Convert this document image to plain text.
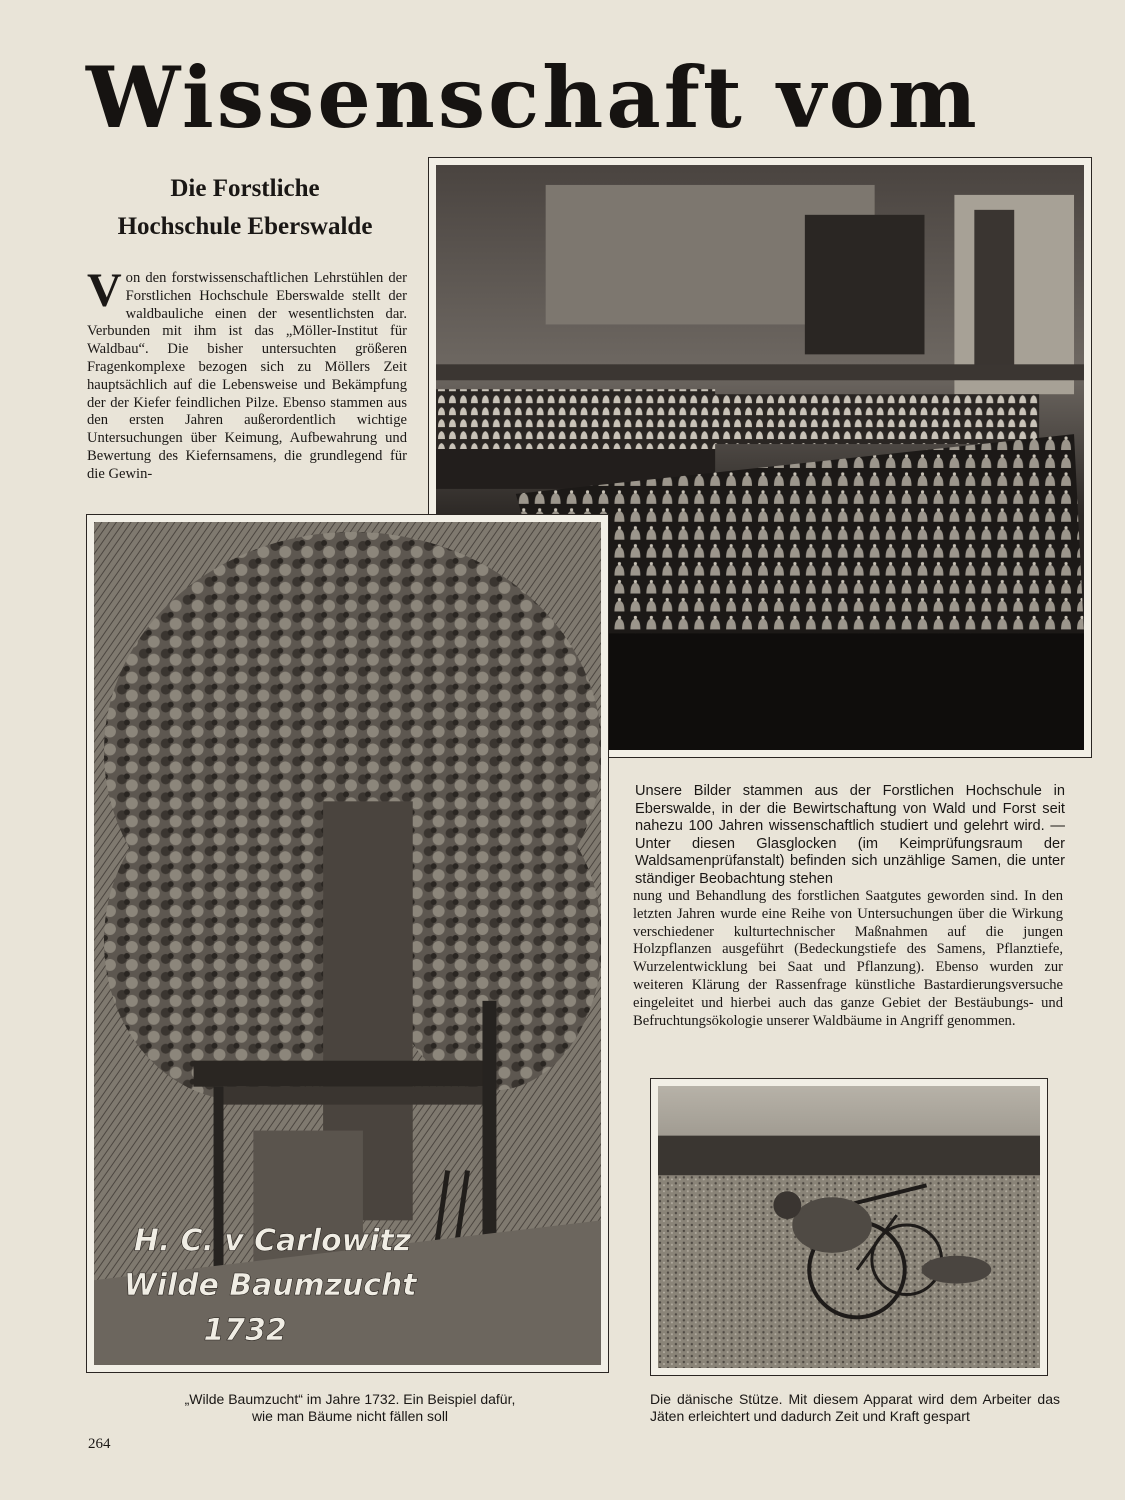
Wissenschaft vom
Die Forstliche
Hochschule Eberswalde
Von den forstwissenschaftlichen Lehrstühlen der Forstlichen Hochschule Eberswalde stellt der waldbauliche einen der wesentlichsten dar. Verbunden mit ihm ist das „Möller-Institut für Waldbau“. Die bisher untersuchten größeren Fragenkomplexe bezogen sich zu Möllers Zeit hauptsächlich auf die Lebensweise und Bekämpfung der der Kiefer feindlichen Pilze. Ebenso stammen aus den ersten Jahren außerordentlich wichtige Untersuchungen über Keimung, Aufbewahrung und Bewertung des Kiefernsamens, die grundlegend für die Gewin-
H. C. v Carlowitz
Wilde Baumzucht
1732
Unsere Bilder stammen aus der Forstlichen Hochschule in Eberswalde, in der die Bewirtschaftung von Wald und Forst seit nahezu 100 Jahren wissenschaftlich studiert und gelehrt wird. — Unter diesen Glasglocken (im Keimprüfungsraum der Waldsamenprüfanstalt) befinden sich unzählige Samen, die unter ständiger Beobachtung stehen
nung und Behandlung des forstlichen Saatgutes geworden sind. In den letzten Jahren wurde eine Reihe von Untersuchungen über die Wirkung verschiedener kulturtechnischer Maßnahmen auf die jungen Holzpflanzen ausgeführt (Bedeckungstiefe des Samens, Pflanztiefe, Wurzelentwicklung bei Saat und Pflanzung). Ebenso wurden zur weiteren Klärung der Rassenfrage künstliche Bastardierungsversuche eingeleitet und hierbei auch das ganze Gebiet der Bestäubungs- und Befruchtungsökologie unserer Waldbäume in Angriff genommen.
„Wilde Baumzucht“ im Jahre 1732. Ein Beispiel dafür,
wie man Bäume nicht fällen soll
Die dänische Stütze. Mit diesem Apparat wird dem Arbeiter das Jäten erleichtert und dadurch Zeit und Kraft gespart
264
